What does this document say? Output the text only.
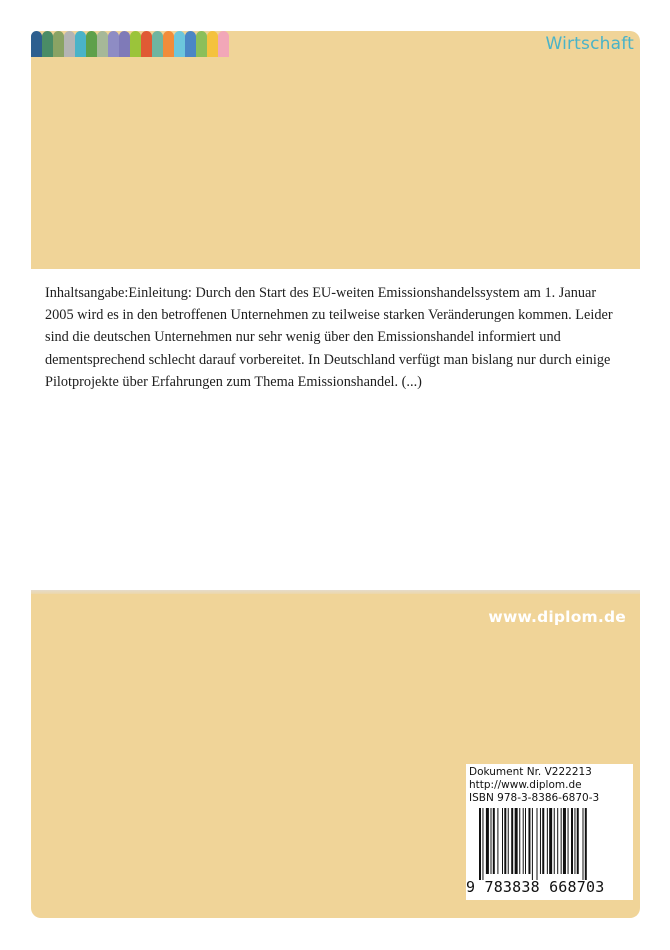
Wirtschaft

Inhaltsangabe:Einleitung: Durch den Start des EU-weiten Emissionshandelssystem am 1. Januar 2005 wird es in den betroffenen Unternehmen zu teilweise starken Veränderungen kommen. Leider sind die deutschen Unternehmen nur sehr wenig über den Emissionshandel informiert und dementsprechend schlecht darauf vorbereitet. In Deutschland verfügt man bislang nur durch einige Pilotprojekte über Erfahrungen zum Thema Emissionshandel. (...)

www.diplom.de
Dokument Nr. V222213
http://www.diplom.de
ISBN 978-3-8386-6870-3
9 783838 668703
